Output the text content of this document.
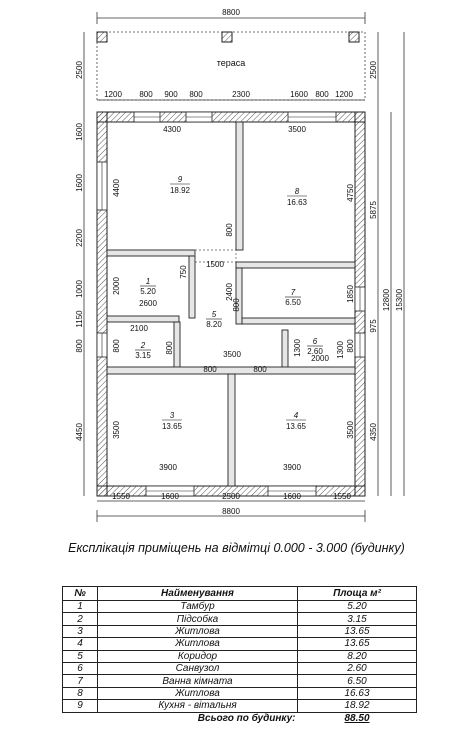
8800
тераса
1200 800 900 800	2300	1600 800 1200
9
18.92	8
16.63
1
5.20
5
8.20
7
6.50
2
3.15
6
2.60
3
13.65
4
13.65
4300	3500
1500
750
2600
2100
2400
800
800
3500	2000
1300
800
800	800
3900	3900
1550	1600	2500	1600	1550
8800
2500
1600
1600
2200
1000
1150
800
4450
4400
2000
800
3500
2500
5875
975
4350
4750
1850
800
1300
3500
12800 15300
Експлікація приміщень на відмітці 0.000 - 3.000 (будинку)
№	Найменування	Площа м²
1	Тамбур	5.20
2	Підсобка	3.15
3	Житлова	13.65
4	Житлова	13.65
5	Коридор	8.20
6	Санвузол	2.60
7	Ванна кімната	6.50
8	Житлова	16.63
9	Кухня - вітальня	18.92
	Всього по будинку:	88.50
